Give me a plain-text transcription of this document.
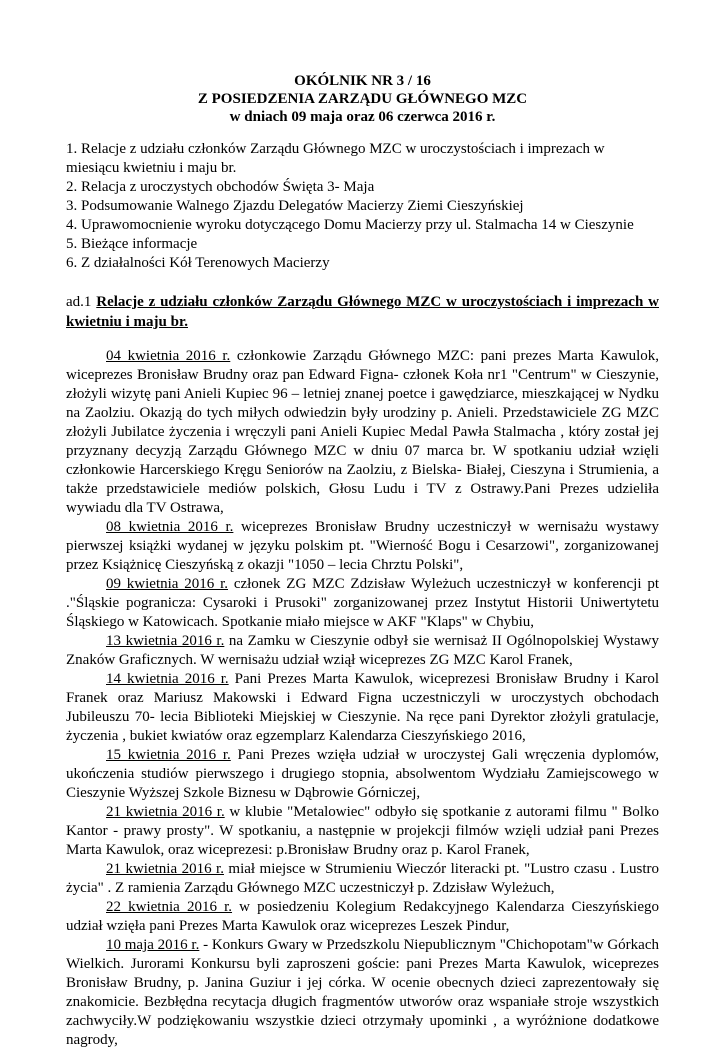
OKÓLNIK NR 3 / 16
Z POSIEDZENIA ZARZĄDU GŁÓWNEGO MZC
w dniach 09 maja oraz 06 czerwca 2016 r.
1. Relacje z udziału członków Zarządu Głównego MZC w uroczystościach i imprezach w miesiącu kwietniu i maju br.
2. Relacja z uroczystych obchodów Święta 3- Maja
3. Podsumowanie Walnego Zjazdu Delegatów Macierzy Ziemi Cieszyńskiej
4. Uprawomocnienie wyroku dotyczącego Domu Macierzy przy ul. Stalmacha 14 w Cieszynie
5. Bieżące informacje
6. Z działalności Kół Terenowych Macierzy
ad.1 Relacje z udziału członków Zarządu Głównego MZC w uroczystościach i imprezach w kwietniu i maju br.

04 kwietnia 2016 r. członkowie Zarządu Głównego MZC: pani prezes Marta Kawulok, wiceprezes Bronisław Brudny oraz pan Edward Figna- członek Koła nr1 "Centrum" w Cieszynie, złożyli wizytę pani Anieli Kupiec 96 – letniej znanej poetce i gawędziarce, mieszkającej w Nydku na Zaolziu. Okazją do tych miłych odwiedzin były urodziny p. Anieli. Przedstawiciele ZG MZC złożyli Jubilatce życzenia i wręczyli pani Anieli Kupiec Medal Pawła Stalmacha , który został jej przyznany decyzją Zarządu Głównego MZC w dniu 07 marca br. W spotkaniu udział wzięli członkowie Harcerskiego Kręgu Seniorów na Zaolziu, z Bielska- Białej, Cieszyna i Strumienia, a także przedstawiciele mediów polskich, Głosu Ludu i TV z Ostrawy.Pani Prezes udzieliła wywiadu dla TV Ostrawa,

08 kwietnia 2016 r. wiceprezes Bronisław Brudny uczestniczył w wernisażu wystawy pierwszej książki wydanej w języku polskim pt. "Wierność Bogu i Cesarzowi", zorganizowanej przez Książnicę Cieszyńską z okazji "1050 – lecia Chrztu Polski",

09 kwietnia 2016 r. członek ZG MZC Zdzisław Wyleżuch uczestniczył w konferencji pt ."Śląskie pogranicza: Cysaroki i Prusoki" zorganizowanej przez Instytut Historii Uniwertytetu Śląskiego w Katowicach. Spotkanie miało miejsce w AKF "Klaps" w Chybiu,

13 kwietnia 2016 r. na Zamku w Cieszynie odbył sie wernisaż II Ogólnopolskiej Wystawy Znaków Graficznych. W wernisażu udział wziął wiceprezes ZG MZC Karol Franek,

14 kwietnia 2016 r. Pani Prezes Marta Kawulok, wiceprezesi Bronisław Brudny i Karol Franek oraz Mariusz Makowski i Edward Figna uczestniczyli w uroczystych obchodach Jubileuszu 70- lecia Biblioteki Miejskiej w Cieszynie. Na ręce pani Dyrektor złożyli gratulacje, życzenia , bukiet kwiatów oraz egzemplarz Kalendarza Cieszyńskiego 2016,

15 kwietnia 2016 r. Pani Prezes wzięła udział w uroczystej Gali wręczenia dyplomów, ukończenia studiów pierwszego i drugiego stopnia, absolwentom Wydziału Zamiejscowego w Cieszynie Wyższej Szkole Biznesu w Dąbrowie Górniczej,

21 kwietnia 2016 r. w klubie "Metalowiec" odbyło się spotkanie z autorami filmu " Bolko Kantor - prawy prosty". W spotkaniu, a następnie w projekcji filmów wzięli udział pani Prezes Marta Kawulok, oraz wiceprezesi: p.Bronisław Brudny oraz p. Karol Franek,

21 kwietnia 2016 r. miał miejsce w Strumieniu Wieczór literacki pt. "Lustro czasu . Lustro życia" . Z ramienia Zarządu Głównego MZC uczestniczył p. Zdzisław Wyleżuch,

22 kwietnia 2016 r. w posiedzeniu Kolegium Redakcyjnego Kalendarza Cieszyńskiego udział wzięła pani Prezes Marta Kawulok oraz wiceprezes Leszek Pindur,

10 maja 2016 r. - Konkurs Gwary w Przedszkolu Niepublicznym "Chichopotam"w Górkach Wielkich. Jurorami Konkursu byli zaproszeni goście: pani Prezes Marta Kawulok, wiceprezes Bronisław Brudny, p. Janina Guziur i jej córka. W ocenie obecnych dzieci zaprezentowały się znakomicie. Bezbłędna recytacja długich fragmentów utworów oraz wspaniałe stroje wszystkich zachwyciły.W podziękowaniu wszystkie dzieci otrzymały upominki , a wyróżnione dodatkowe nagrody,
